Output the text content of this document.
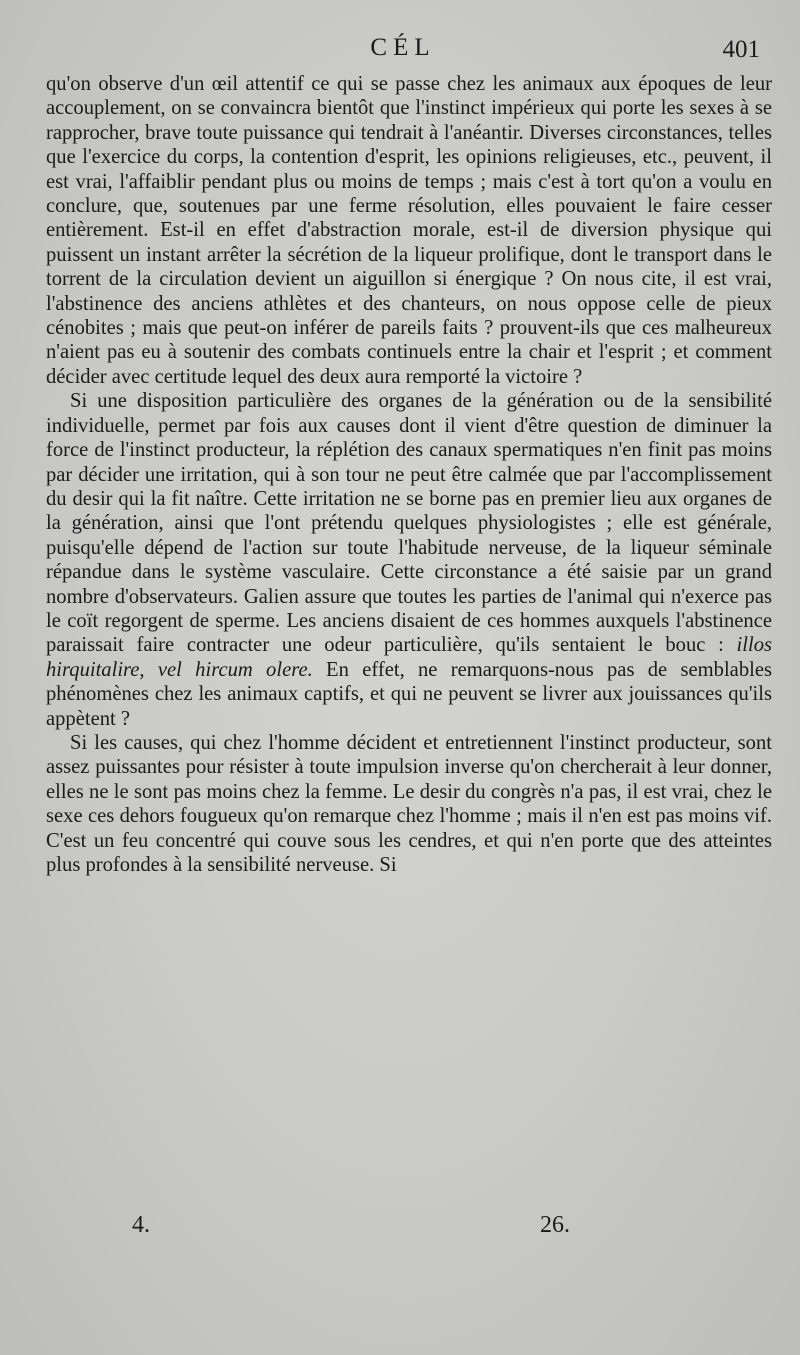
CÉL	401

qu'on observe d'un œil attentif ce qui se passe chez les animaux aux époques de leur accouplement, on se convaincra bientôt que l'instinct impérieux qui porte les sexes à se rapprocher, brave toute puissance qui tendrait à l'anéantir. Diverses circonstances, telles que l'exercice du corps, la contention d'esprit, les opinions religieuses, etc., peuvent, il est vrai, l'affaiblir pendant plus ou moins de temps ; mais c'est à tort qu'on a voulu en conclure, que, soutenues par une ferme résolution, elles pouvaient le faire cesser entièrement. Est-il en effet d'abstraction morale, est-il de diversion physique qui puissent un instant arrêter la sécrétion de la liqueur prolifique, dont le transport dans le torrent de la circulation devient un aiguillon si énergique ? On nous cite, il est vrai, l'abstinence des anciens athlètes et des chanteurs, on nous oppose celle de pieux cénobites ; mais que peut-on inférer de pareils faits ? prouvent-ils que ces malheureux n'aient pas eu à soutenir des combats continuels entre la chair et l'esprit ; et comment décider avec certitude lequel des deux aura remporté la victoire ?

Si une disposition particulière des organes de la génération ou de la sensibilité individuelle, permet par fois aux causes dont il vient d'être question de diminuer la force de l'instinct producteur, la réplétion des canaux spermatiques n'en finit pas moins par décider une irritation, qui à son tour ne peut être calmée que par l'accomplissement du desir qui la fit naître. Cette irritation ne se borne pas en premier lieu aux organes de la génération, ainsi que l'ont prétendu quelques physiologistes ; elle est générale, puisqu'elle dépend de l'action sur toute l'habitude nerveuse, de la liqueur séminale répandue dans le système vasculaire. Cette circonstance a été saisie par un grand nombre d'observateurs. Galien assure que toutes les parties de l'animal qui n'exerce pas le coït regorgent de sperme. Les anciens disaient de ces hommes auxquels l'abstinence paraissait faire contracter une odeur particulière, qu'ils sentaient le bouc : illos hirquitalire, vel hircum olere. En effet, ne remarquons-nous pas de semblables phénomènes chez les animaux captifs, et qui ne peuvent se livrer aux jouissances qu'ils appètent ?

Si les causes, qui chez l'homme décident et entretiennent l'instinct producteur, sont assez puissantes pour résister à toute impulsion inverse qu'on chercherait à leur donner, elles ne le sont pas moins chez la femme. Le desir du congrès n'a pas, il est vrai, chez le sexe ces dehors fougueux qu'on remarque chez l'homme ; mais il n'en est pas moins vif. C'est un feu concentré qui couve sous les cendres, et qui n'en porte que des atteintes plus profondes à la sensibilité nerveuse. Si

4.	26.
